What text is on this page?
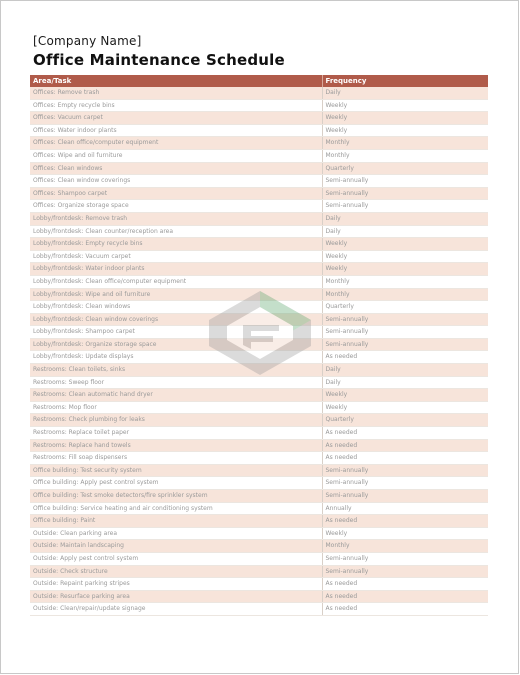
[Company Name]
Office Maintenance Schedule
Area/Task	Frequency
Offices: Remove trash	Daily
Offices: Empty recycle bins	Weekly
Offices: Vacuum carpet	Weekly
Offices: Water indoor plants	Weekly
Offices: Clean office/computer equipment	Monthly
Offices: Wipe and oil furniture	Monthly
Offices: Clean windows	Quarterly
Offices: Clean window coverings	Semi-annually
Offices: Shampoo carpet	Semi-annually
Offices: Organize storage space	Semi-annually
Lobby/frontdesk: Remove trash	Daily
Lobby/frontdesk: Clean counter/reception area	Daily
Lobby/frontdesk: Empty recycle bins	Weekly
Lobby/frontdesk: Vacuum carpet	Weekly
Lobby/frontdesk: Water indoor plants	Weekly
Lobby/frontdesk: Clean office/computer equipment	Monthly
Lobby/frontdesk: Wipe and oil furniture	Monthly
Lobby/frontdesk: Clean windows	Quarterly
Lobby/frontdesk: Clean window coverings	Semi-annually
Lobby/frontdesk: Shampoo carpet	Semi-annually
Lobby/frontdesk: Organize storage space	Semi-annually
Lobby/frontdesk: Update displays	As needed
Restrooms: Clean toilets, sinks	Daily
Restrooms: Sweep floor	Daily
Restrooms: Clean automatic hand dryer	Weekly
Restrooms: Mop floor	Weekly
Restrooms: Check plumbing for leaks	Quarterly
Restrooms: Replace toilet paper	As needed
Restrooms: Replace hand towels	As needed
Restrooms: Fill soap dispensers	As needed
Office building: Test security system	Semi-annually
Office building: Apply pest control system	Semi-annually
Office building: Test smoke detectors/fire sprinkler system	Semi-annually
Office building: Service heating and air conditioning system	Annually
Office building: Paint	As needed
Outside: Clean parking area	Weekly
Outside: Maintain landscaping	Monthly
Outside: Apply pest control system	Semi-annually
Outside: Check structure	Semi-annually
Outside: Repaint parking stripes	As needed
Outside: Resurface parking area	As needed
Outside: Clean/repair/update signage	As needed
